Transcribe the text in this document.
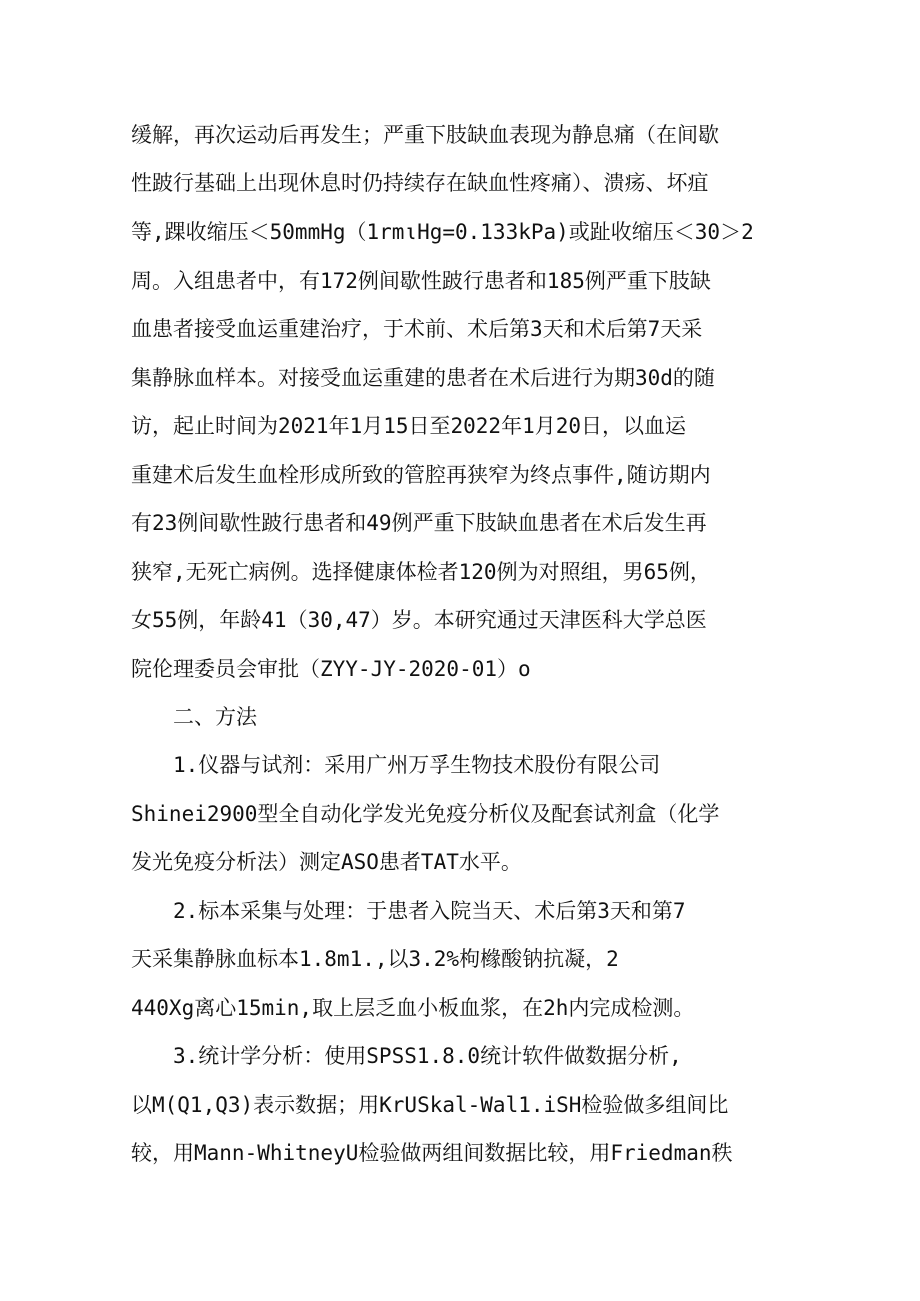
缓解，再次运动后再发生；严重下肢缺血表现为静息痛（在间歇
性跛行基础上出现休息时仍持续存在缺血性疼痛）、溃疡、坏疽
等,踝收缩压＜50mmHg（1rmιHg=0.133kPa)或趾收缩压＜30＞2
周。入组患者中，有172例间歇性跛行患者和185例严重下肢缺
血患者接受血运重建治疗，于术前、术后第3天和术后第7天采
集静脉血样本。对接受血运重建的患者在术后进行为期30d的随
访，起止时间为2021年1月15日至2022年1月20日，以血运
重建术后发生血栓形成所致的管腔再狭窄为终点事件,随访期内
有23例间歇性跛行患者和49例严重下肢缺血患者在术后发生再
狭窄,无死亡病例。选择健康体检者120例为对照组，男65例，
女55例，年龄41（30,47）岁。本研究通过天津医科大学总医
院伦理委员会审批（ZYY-JY-2020-01）o
二、方法
1.仪器与试剂：采用广州万孚生物技术股份有限公司
Shinei2900型全自动化学发光免疫分析仪及配套试剂盒（化学
发光免疫分析法）测定ASO患者TAT水平。
2.标本采集与处理：于患者入院当天、术后第3天和第7
天采集静脉血标本1.8m1.,以3.2%枸橼酸钠抗凝，2
440Xg离心15min,取上层乏血小板血浆，在2h内完成检测。
3.统计学分析：使用SPSS1.8.0统计软件做数据分析,
以M(Q1,Q3)表示数据；用KrUSkal-Wal1.iSH检验做多组间比
较，用Mann-WhitneyU检验做两组间数据比较，用Friedman秩
